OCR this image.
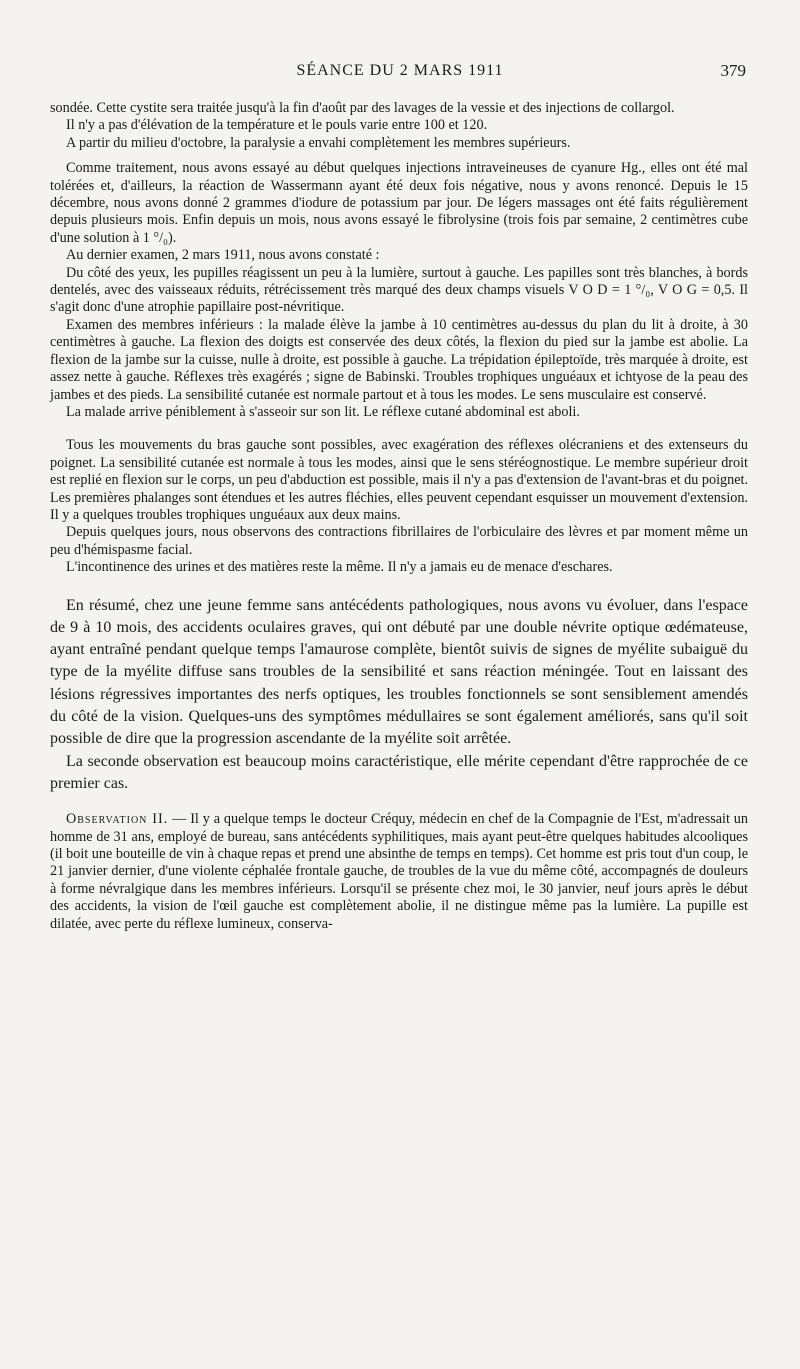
SÉANCE DU 2 MARS 1911	379

sondée. Cette cystite sera traitée jusqu'à la fin d'août par des lavages de la vessie et des injections de collargol.

Il n'y a pas d'élévation de la température et le pouls varie entre 100 et 120.

A partir du milieu d'octobre, la paralysie a envahi complètement les membres supérieurs.

Comme traitement, nous avons essayé au début quelques injections intraveineuses de cyanure Hg., elles ont été mal tolérées et, d'ailleurs, la réaction de Wassermann ayant été deux fois négative, nous y avons renoncé. Depuis le 15 décembre, nous avons donné 2 grammes d'iodure de potassium par jour. De légers massages ont été faits régulièrement depuis plusieurs mois. Enfin depuis un mois, nous avons essayé le fibrolysine (trois fois par semaine, 2 centimètres cube d'une solution à 1 °/₀).

Au dernier examen, 2 mars 1911, nous avons constaté :

Du côté des yeux, les pupilles réagissent un peu à la lumière, surtout à gauche. Les papilles sont très blanches, à bords dentelés, avec des vaisseaux réduits, rétrécissement très marqué des deux champs visuels V O D = 1 °/₀, V O G = 0,5. Il s'agit donc d'une atrophie papillaire post-névritique.

Examen des membres inférieurs : la malade élève la jambe à 10 centimètres au-dessus du plan du lit à droite, à 30 centimètres à gauche. La flexion des doigts est conservée des deux côtés, la flexion du pied sur la jambe est abolie. La flexion de la jambe sur la cuisse, nulle à droite, est possible à gauche. La trépidation épileptoïde, très marquée à droite, est assez nette à gauche. Réflexes très exagérés ; signe de Babinski. Troubles trophiques unguéaux et ichtyose de la peau des jambes et des pieds. La sensibilité cutanée est normale partout et à tous les modes. Le sens musculaire est conservé.

La malade arrive péniblement à s'asseoir sur son lit. Le réflexe cutané abdominal est aboli.

Tous les mouvements du bras gauche sont possibles, avec exagération des réflexes olécraniens et des extenseurs du poignet. La sensibilité cutanée est normale à tous les modes, ainsi que le sens stéréognostique. Le membre supérieur droit est replié en flexion sur le corps, un peu d'abduction est possible, mais il n'y a pas d'extension de l'avant-bras et du poignet. Les premières phalanges sont étendues et les autres fléchies, elles peuvent cependant esquisser un mouvement d'extension. Il y a quelques troubles trophiques unguéaux aux deux mains.

Depuis quelques jours, nous observons des contractions fibrillaires de l'orbiculaire des lèvres et par moment même un peu d'hémispasme facial.

L'incontinence des urines et des matières reste la même. Il n'y a jamais eu de menace d'eschares.

En résumé, chez une jeune femme sans antécédents pathologiques, nous avons vu évoluer, dans l'espace de 9 à 10 mois, des accidents oculaires graves, qui ont débuté par une double névrite optique œdémateuse, ayant entraîné pendant quelque temps l'amaurose complète, bientôt suivis de signes de myélite subaiguë du type de la myélite diffuse sans troubles de la sensibilité et sans réaction méningée. Tout en laissant des lésions régressives importantes des nerfs optiques, les troubles fonctionnels se sont sensiblement amendés du côté de la vision. Quelques-uns des symptômes médullaires se sont également améliorés, sans qu'il soit possible de dire que la progression ascendante de la myélite soit arrêtée.

La seconde observation est beaucoup moins caractéristique, elle mérite cependant d'être rapprochée de ce premier cas.

Observation II. — Il y a quelque temps le docteur Créquy, médecin en chef de la Compagnie de l'Est, m'adressait un homme de 31 ans, employé de bureau, sans antécédents syphilitiques, mais ayant peut-être quelques habitudes alcooliques (il boit une bouteille de vin à chaque repas et prend une absinthe de temps en temps). Cet homme est pris tout d'un coup, le 21 janvier dernier, d'une violente céphalée frontale gauche, de troubles de la vue du même côté, accompagnés de douleurs à forme névralgique dans les membres inférieurs. Lorsqu'il se présente chez moi, le 30 janvier, neuf jours après le début des accidents, la vision de l'œil gauche est complètement abolie, il ne distingue même pas la lumière. La pupille est dilatée, avec perte du réflexe lumineux, conserva-
